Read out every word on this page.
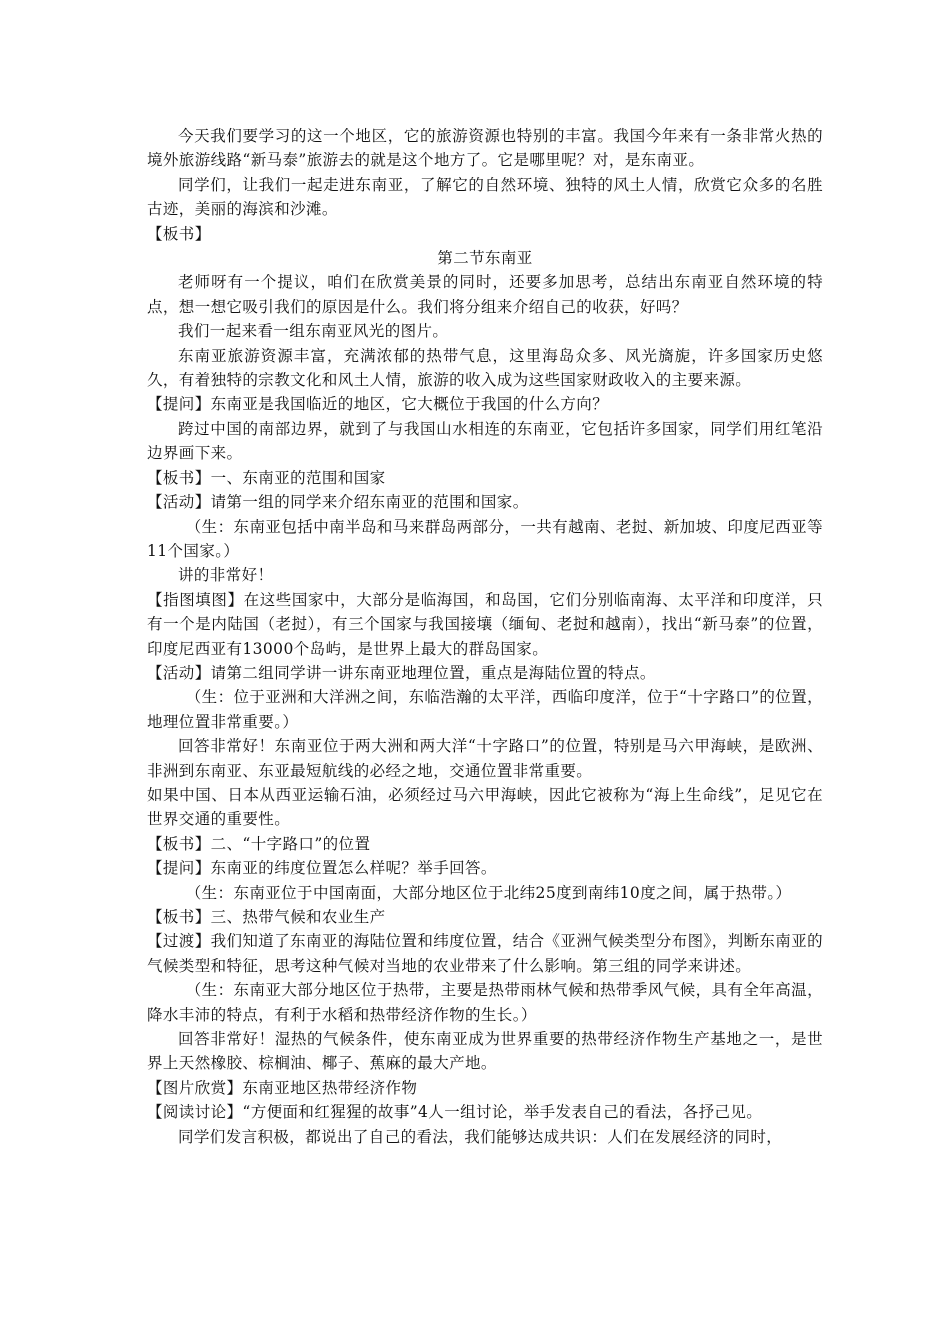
今天我们要学习的这一个地区，它的旅游资源也特别的丰富。我国今年来有一条非常火热的境外旅游线路“新马泰”旅游去的就是这个地方了。它是哪里呢？对，是东南亚。

同学们，让我们一起走进东南亚，了解它的自然环境、独特的风土人情，欣赏它众多的名胜古迹，美丽的海滨和沙滩。

【板书】

第二节东南亚

老师呀有一个提议，咱们在欣赏美景的同时，还要多加思考，总结出东南亚自然环境的特点，想一想它吸引我们的原因是什么。我们将分组来介绍自己的收获，好吗？

我们一起来看一组东南亚风光的图片。

东南亚旅游资源丰富，充满浓郁的热带气息，这里海岛众多、风光旖旎，许多国家历史悠久，有着独特的宗教文化和风土人情，旅游的收入成为这些国家财政收入的主要来源。

【提问】东南亚是我国临近的地区，它大概位于我国的什么方向？

跨过中国的南部边界，就到了与我国山水相连的东南亚，它包括许多国家，同学们用红笔沿边界画下来。

【板书】一、东南亚的范围和国家

【活动】请第一组的同学来介绍东南亚的范围和国家。

（生：东南亚包括中南半岛和马来群岛两部分，一共有越南、老挝、新加坡、印度尼西亚等11个国家。）

讲的非常好！

【指图填图】在这些国家中，大部分是临海国，和岛国，它们分别临南海、太平洋和印度洋，只有一个是内陆国（老挝），有三个国家与我国接壤（缅甸、老挝和越南），找出“新马泰”的位置，印度尼西亚有13000个岛屿，是世界上最大的群岛国家。

【活动】请第二组同学讲一讲东南亚地理位置，重点是海陆位置的特点。

（生：位于亚洲和大洋洲之间，东临浩瀚的太平洋，西临印度洋，位于“十字路口”的位置，地理位置非常重要。）

回答非常好！东南亚位于两大洲和两大洋“十字路口”的位置，特别是马六甲海峡，是欧洲、非洲到东南亚、东亚最短航线的必经之地，交通位置非常重要。

如果中国、日本从西亚运输石油，必须经过马六甲海峡，因此它被称为“海上生命线”，足见它在世界交通的重要性。

【板书】二、“十字路口”的位置

【提问】东南亚的纬度位置怎么样呢？举手回答。

（生：东南亚位于中国南面，大部分地区位于北纬25度到南纬10度之间，属于热带。）

【板书】三、热带气候和农业生产

【过渡】我们知道了东南亚的海陆位置和纬度位置，结合《亚洲气候类型分布图》，判断东南亚的气候类型和特征，思考这种气候对当地的农业带来了什么影响。第三组的同学来讲述。

（生：东南亚大部分地区位于热带，主要是热带雨林气候和热带季风气候，具有全年高温，降水丰沛的特点，有利于水稻和热带经济作物的生长。）

回答非常好！湿热的气候条件，使东南亚成为世界重要的热带经济作物生产基地之一，是世界上天然橡胶、棕榈油、椰子、蕉麻的最大产地。

【图片欣赏】东南亚地区热带经济作物

【阅读讨论】“方便面和红猩猩的故事”4人一组讨论，举手发表自己的看法，各抒己见。

同学们发言积极，都说出了自己的看法，我们能够达成共识：人们在发展经济的同时，
